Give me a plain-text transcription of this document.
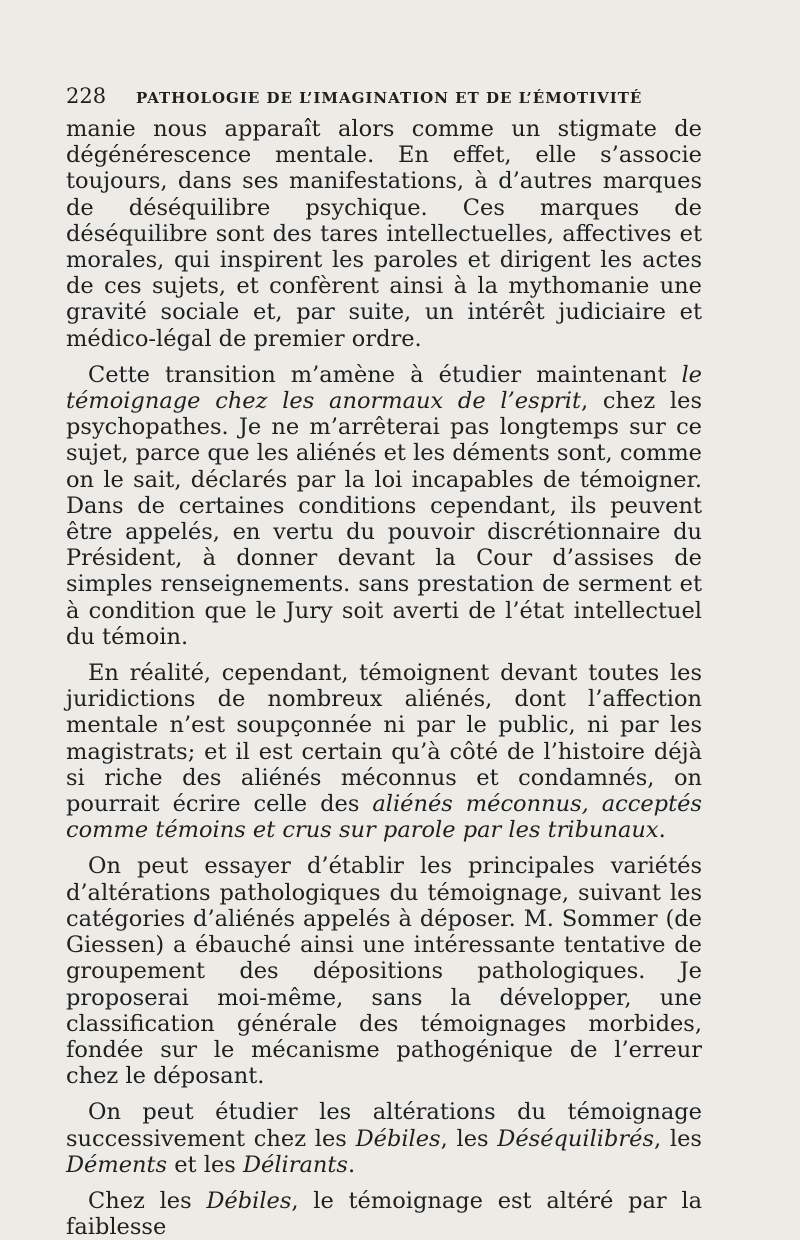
228	PATHOLOGIE DE L’IMAGINATION ET DE L’ÉMOTIVITÉ

manie nous apparaît alors comme un stigmate de dégénérescence mentale. En effet, elle s’associe toujours, dans ses manifestations, à d’autres marques de déséquilibre psychique. Ces marques de déséquilibre sont des tares intellectuelles, affectives et morales, qui inspirent les paroles et dirigent les actes de ces sujets, et confèrent ainsi à la mythomanie une gravité sociale et, par suite, un intérêt judiciaire et médico-légal de premier ordre.

Cette transition m’amène à étudier maintenant le témoignage chez les anormaux de l’esprit, chez les psychopathes. Je ne m’arrêterai pas longtemps sur ce sujet, parce que les aliénés et les déments sont, comme on le sait, déclarés par la loi incapables de témoigner. Dans de certaines conditions cependant, ils peuvent être appelés, en vertu du pouvoir discrétionnaire du Président, à donner devant la Cour d’assises de simples renseignements. sans prestation de serment et à condition que le Jury soit averti de l’état intellectuel du témoin.

En réalité, cependant, témoignent devant toutes les juridictions de nombreux aliénés, dont l’affection mentale n’est soupçonnée ni par le public, ni par les magistrats; et il est certain qu’à côté de l’histoire déjà si riche des aliénés méconnus et condamnés, on pourrait écrire celle des aliénés méconnus, acceptés comme témoins et crus sur parole par les tribunaux.

On peut essayer d’établir les principales variétés d’altérations pathologiques du témoignage, suivant les catégories d’aliénés appelés à déposer. M. Sommer (de Giessen) a ébauché ainsi une intéressante tentative de groupement des dépositions pathologiques. Je proposerai moi-même, sans la développer, une classification générale des témoignages morbides, fondée sur le mécanisme pathogénique de l’erreur chez le déposant.

On peut étudier les altérations du témoignage successivement chez les Débiles, les Déséquilibrés, les Déments et les Délirants.

Chez les Débiles, le témoignage est altéré par la faiblesse
